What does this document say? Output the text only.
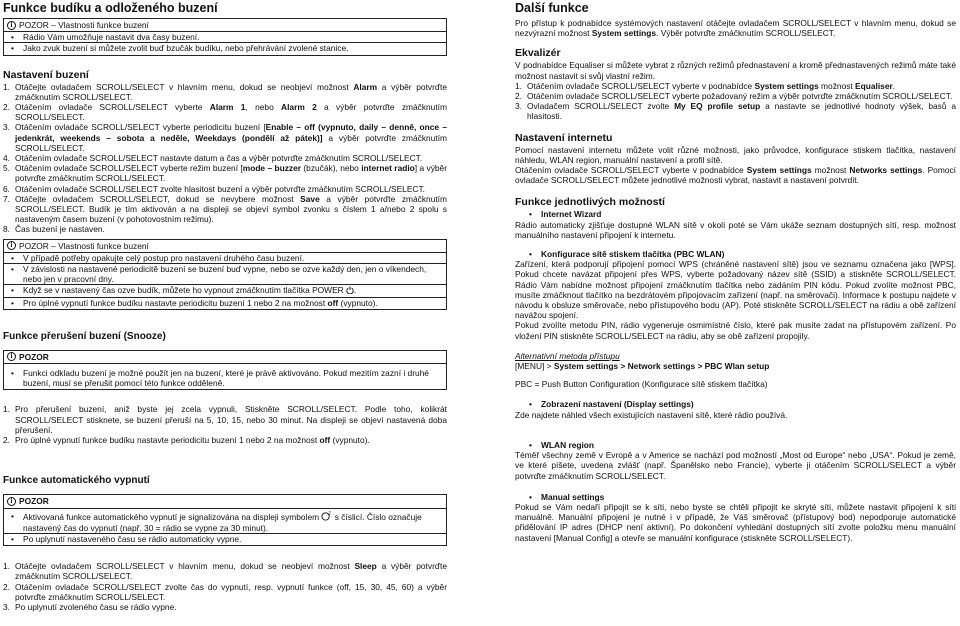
Funkce budíku a odloženého buzení
i POZOR – Vlastnosti funkce buzení
• Rádio Vám umožňuje nastavit dva časy buzení.
• Jako zvuk buzení si můžete zvolit buď bzučák budíku, nebo přehrávání zvolené stanice.
Nastavení buzení
1. Otáčejte ovladačem SCROLL/SELECT v hlavním menu, dokud se neobjeví možnost Alarm a výběr potvrďte zmáčknutím SCROLL/SELECT.
2. Otáčením ovladače SCROLL/SELECT vyberte Alarm 1, nebo Alarm 2 a výběr potvrďte zmáčknutím SCROLL/SELECT.
3. Otáčením ovladače SCROLL/SELECT vyberte periodicitu buzení [Enable – off (vypnuto, daily – denně, once – jedenkrát, weekends – sobota a neděle, Weekdays (pondělí až pátek)] a výběr potvrďte zmáčknutím SCROLL/SELECT.
4. Otáčením ovladače SCROLL/SELECT nastavte datum a čas a výběr potvrďte zmáčknutím SCROLL/SELECT.
5. Otáčením ovladače SCROLL/SELECT vyberte režim buzení [mode – buzzer (bzučák), nebo internet radio] a výběr potvrďte zmáčknutím SCROLL/SELECT.
6. Otáčením ovladače SCROLL/SELECT zvolte hlasitost buzení a výběr potvrďte zmáčknutím SCROLL/SELECT.
7. Otáčejte ovladačem SCROLL/SELECT, dokud se nevybere možnost Save a výběr potvrďte zmáčknutím SCROLL/SELECT. Budík je tím aktivován a na displeji se objeví symbol zvonku s číslem 1 a/nebo 2 spolu s nastaveným časem buzení (v pohotovostním režimu).
8. Čas buzení je nastaven.
i POZOR – Vlastnosti funkce buzení
• V případě potřeby opakujte celý postup pro nastavení druhého času buzení.
• V závislosti na nastavené periodicitě buzení se buzení buď vypne, nebo se ozve každý den, jen o víkendech, nebo jen v pracovní dny.
• Když se v nastavený čas ozve budík, můžete ho vypnout zmáčknutím tlačítka POWER .
• Pro úplné vypnutí funkce budíku nastavte periodicitu buzení 1 nebo 2 na možnost off (vypnuto).
Funkce přerušení buzení (Snooze)
i POZOR
• Funkci odkladu buzení je možné použít jen na buzení, které je právě aktivováno. Pokud mezitím zazní i druhé buzení, musí se přerušit pomocí této funkce odděleně.
1. Pro přerušení buzení, aniž byste jej zcela vypnuli, Stiskněte SCROLL/SELECT. Podle toho, kolikrát SCROLL/SELECT stisknete, se buzení přeruší na 5, 10, 15, nebo 30 minut. Na displeji se objeví nastavená doba přerušení.
2. Pro úplné vypnutí funkce budíku nastavte periodicitu buzení 1 nebo 2 na možnost off (vypnuto).
Funkce automatického vypnutí
i POZOR
• Aktivovaná funkce automatického vypnutí je signalizována na displeji symbolem Z s číslicí. Číslo označuje nastavený čas do vypnutí (např. 30 = rádio se vypne za 30 minut).
• Po uplynutí nastaveného času se rádio automaticky vypne.
1. Otáčejte ovladačem SCROLL/SELECT v hlavním menu, dokud se neobjeví možnost Sleep a výběr potvrďte zmáčknutím SCROLL/SELECT.
2. Otáčením ovladače SCROLL/SELECT zvolte čas do vypnutí, resp. vypnutí funkce (off, 15, 30, 45, 60) a výběr potvrďte zmáčknutím SCROLL/SELECT.
3. Po uplynutí zvoleného času se rádio vypne.
Další funkce

Pro přístup k podnabídce systémových nastavení otáčejte ovladačem SCROLL/SELECT v hlavním menu, dokud se nezvýrazní možnost System settings. Výběr potvrďte zmáčknutím SCROLL/SELECT.

Ekvalizér

V podnabídce Equaliser si můžete vybrat z různých režimů přednastavení a kromě přednastavených režimů máte také možnost nastavit si svůj vlastní režim.

1. Otáčením ovladače SCROLL/SELECT vyberte v podnabídce System settings možnost Equaliser.
2. Otáčením ovladače SCROLL/SELECT vyberte požadovaný režim a výběr potvrďte zmáčknutím SCROLL/SELECT.
3. Ovladačem SCROLL/SELECT zvolte My EQ profile setup a nastavte se jednotlivé hodnoty výšek, basů a hlasitosti.
Nastavení internetu

Pomocí nastavení internetu můžete volit různé možnosti, jako průvodce, konfigurace stiskem tlačítka, nastavení náhledu, WLAN region, manuální nastavení a profil sítě.

Otáčením ovladače SCROLL/SELECT vyberte v podnabídce System settings možnost Networks settings. Pomocí ovladače SCROLL/SELECT můžete jednotlivé možnosti vybrat, nastavit a nastavení potvrdit.

Funkce jednotlivých možností
• Internet Wizard

Rádio automaticky zjišťuje dostupné WLAN sítě v okolí poté se Vám ukáže seznam dostupných sítí, resp. možnost manuálního nastavení připojení k internetu.

• Konfigurace sítě stiskem tlačítka (PBC WLAN)

Zařízení, která podporují připojení pomocí WPS (chráněné nastavení sítě) jsou ve seznamu označena jako [WPS]. Pokud chcete navázat připojení přes WPS, vyberte požadovaný název sítě (SSID) a stiskněte SCROLL/SELECT. Rádio Vám nabídne možnost připojení zmáčknutím tlačítka nebo zadáním PIN kódu. Pokud zvolíte možnost PBC, musíte zmáčknout tlačítko na bezdrátovém připojovacím zařízení (např. na směrovači). Informace k postupu najdete v návodu k obsluze směrovače, nebo přístupového bodu (AP). Poté stiskněte SCROLL/SELECT na rádiu a obě zařízení navážou spojení.

Pokud zvolíte metodu PIN, rádio vygeneruje osmimístné číslo, které pak musíte zadat na přístupovém zařízení. Po vložení PIN stiskněte SCROLL/SELECT na rádiu, aby se obě zařízení propojily.

Alternativní metoda přístupu
[MENU] > System settings > Network settings > PBC Wlan setup
PBC = Push Button Configuration (Konfigurace sítě stiskem tlačítka)
• Zobrazení nastavení (Display settings)

Zde najdete náhled všech existujících nastavení sítě, které rádio používá.

• WLAN region

Téměř všechny země v Evropě a v Americe se nachází pod možností „Most od Europe“ nebo „USA“. Pokud je země, ve které píšete, uvedena zvlášť (např. Španělsko nebo Francie), vyberte ji otáčením SCROLL/SELECT a výběr potvrďte zmáčknutím SCROLL/SELECT.

• Manual settings

Pokud se Vám nedaří připojit se k síti, nebo byste se chtěli připojit ke skryté síti, můžete nastavit připojení k síti manuálně. Manuální připojení je nutné i v případě, že Váš směrovač (přístupový bod) nepodporuje automatické přidělování IP adres (DHCP není aktivní). Po dokončení vyhledání dostupných sítí zvolte položku menu manuální nastavení [Manual Config] a otevře se manuální konfigurace (stiskněte SCROLL/SELECT).
